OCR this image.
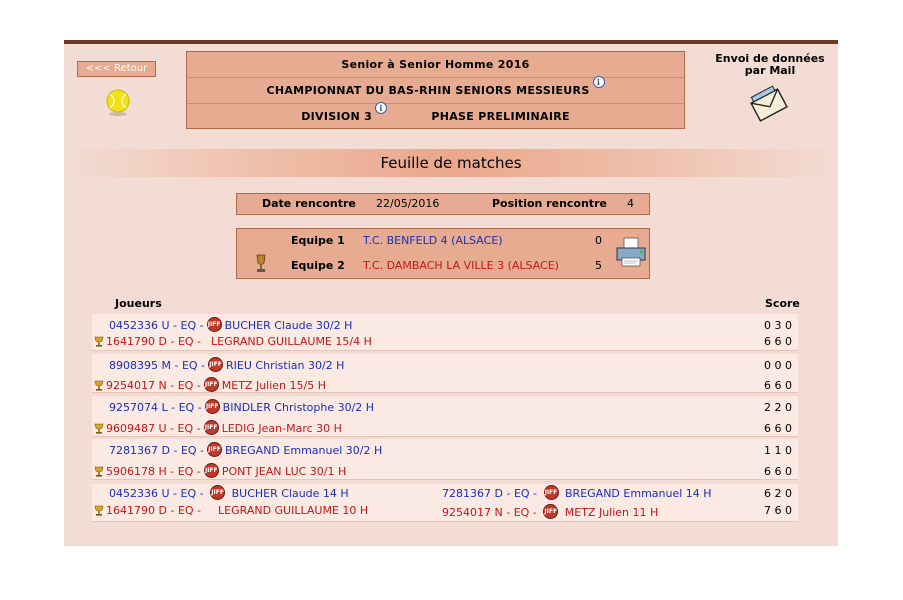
<<< Retour	Senior à Senior Homme 2016
CHAMPIONNAT DU BAS-RHIN SENIORS MESSIEURSi
DIVISION 3i  PHASE PRELIMINAIRE
Envoi de données
par Mail
Feuille de matches
Date rencontre 22/05/2016	Position rencontre 4
Equipe 1 T.C. BENFELD 4 (ALSACE)	0
Equipe 2 T.C. DAMBACH LA VILLE 3 (ALSACE)	5
Joueurs	Score
0452336 U - EQ - JIFF BUCHER Claude 30/2 H	0 3 0
1641790 D - EQ - LEGRAND GUILLAUME 15/4 H	6 6 0
8908395 M - EQ - JIFF RIEU Christian 30/2 H	0 0 0
9254017 N - EQ - JIFF METZ Julien 15/5 H	6 6 0
9257074 L - EQ - JIFF BINDLER Christophe 30/2 H	2 2 0
9609487 U - EQ - JIFF LEDIG Jean-Marc 30 H	6 6 0
7281367 D - EQ - JIFF BREGAND Emmanuel 30/2 H	1 1 0
5906178 H - EQ - JIFF PONT JEAN LUC 30/1 H	6 6 0
0452336 U - EQ - JIFF BUCHER Claude 14 H	7281367 D - EQ - JIFF BREGAND Emmanuel 14 H	6 2 0
1641790 D - EQ - LEGRAND GUILLAUME 10 H	9254017 N - EQ - JIFF METZ Julien 11 H	7 6 0
